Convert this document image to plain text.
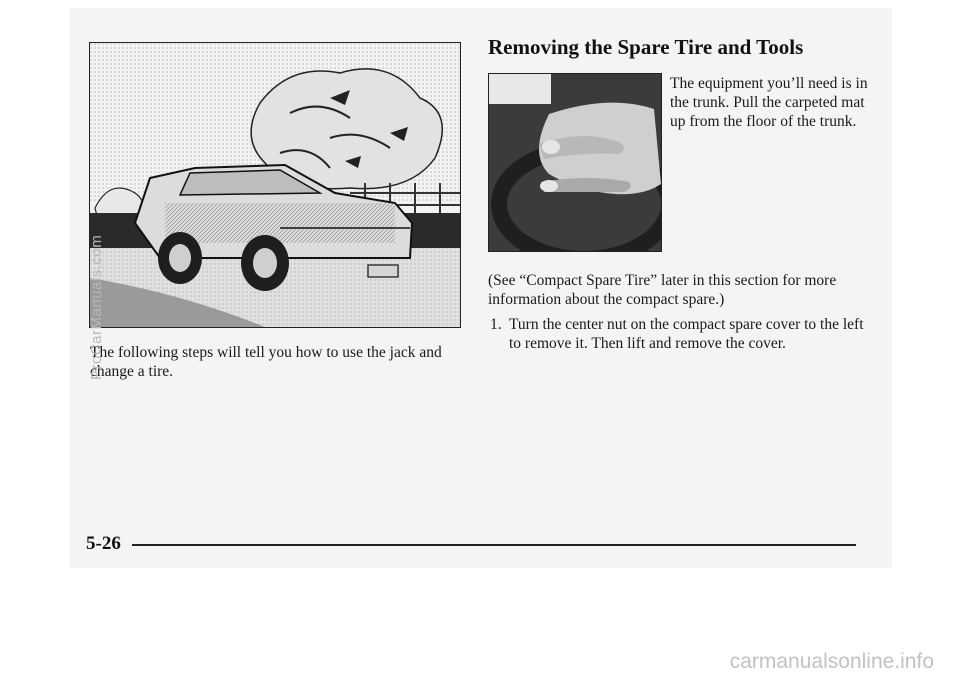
The following steps will tell you how to use the jack and change a tire.
Removing the Spare Tire and Tools
The equipment you’ll need is in the trunk. Pull the carpeted mat up from the floor of the trunk.
(See “Compact Spare Tire” later in this section for more information about the compact spare.)
1. Turn the center nut on the compact spare cover to the left to remove it. Then lift and remove the cover.
5-26
ProCarManuals.com
carmanualsonline.info
